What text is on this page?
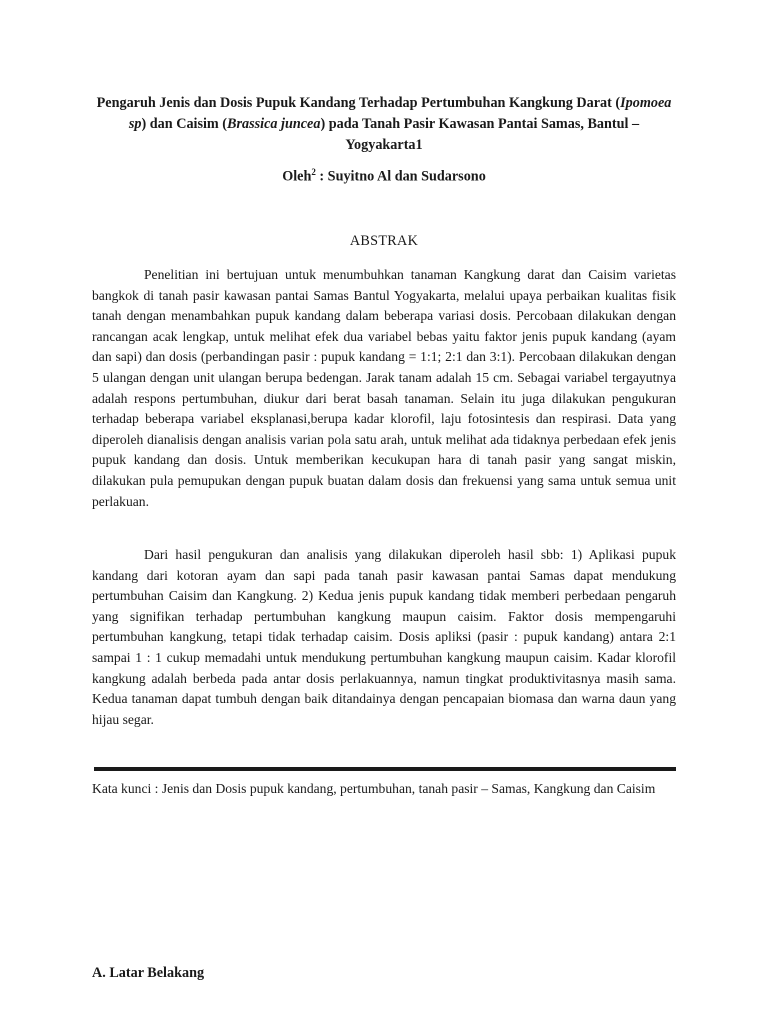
Pengaruh Jenis dan Dosis Pupuk Kandang Terhadap Pertumbuhan Kangkung Darat (Ipomoea sp) dan Caisim (Brassica juncea) pada Tanah Pasir Kawasan Pantai Samas, Bantul – Yogyakarta1
Oleh$^2$ : Suyitno Al dan Sudarsono
ABSTRAK

Penelitian ini bertujuan untuk menumbuhkan tanaman Kangkung darat dan Caisim varietas bangkok di tanah pasir kawasan pantai Samas Bantul Yogyakarta, melalui upaya perbaikan kualitas fisik tanah dengan menambahkan pupuk kandang dalam beberapa variasi dosis. Percobaan dilakukan dengan rancangan acak lengkap, untuk melihat efek dua variabel bebas yaitu faktor jenis pupuk kandang (ayam dan sapi) dan dosis (perbandingan pasir : pupuk kandang = 1:1; 2:1 dan 3:1). Percobaan dilakukan dengan 5 ulangan dengan unit ulangan berupa bedengan. Jarak tanam adalah 15 cm. Sebagai variabel tergayutnya adalah respons pertumbuhan, diukur dari berat basah tanaman. Selain itu juga dilakukan pengukuran terhadap beberapa variabel eksplanasi,berupa kadar klorofil, laju fotosintesis dan respirasi. Data yang diperoleh dianalisis dengan analisis varian pola satu arah, untuk melihat ada tidaknya perbedaan efek jenis pupuk kandang dan dosis. Untuk memberikan kecukupan hara di tanah pasir yang sangat miskin, dilakukan pula pemupukan dengan pupuk buatan dalam dosis dan frekuensi yang sama untuk semua unit perlakuan.

Dari hasil pengukuran dan analisis yang dilakukan diperoleh hasil sbb: 1) Aplikasi pupuk kandang dari kotoran ayam dan sapi pada tanah pasir kawasan pantai Samas dapat mendukung pertumbuhan Caisim dan Kangkung. 2) Kedua jenis pupuk kandang tidak memberi perbedaan pengaruh yang signifikan terhadap pertumbuhan kangkung maupun caisim. Faktor dosis mempengaruhi pertumbuhan kangkung, tetapi tidak terhadap caisim. Dosis apliksi (pasir : pupuk kandang) antara 2:1 sampai 1 : 1 cukup memadahi untuk mendukung pertumbuhan kangkung maupun caisim. Kadar klorofil kangkung adalah berbeda pada antar dosis perlakuannya, namun tingkat produktivitasnya masih sama. Kedua tanaman dapat tumbuh dengan baik ditandainya dengan pencapaian biomasa dan warna daun yang hijau segar.

Kata kunci : Jenis dan Dosis pupuk kandang, pertumbuhan, tanah pasir – Samas, Kangkung dan Caisim

A. Latar Belakang
